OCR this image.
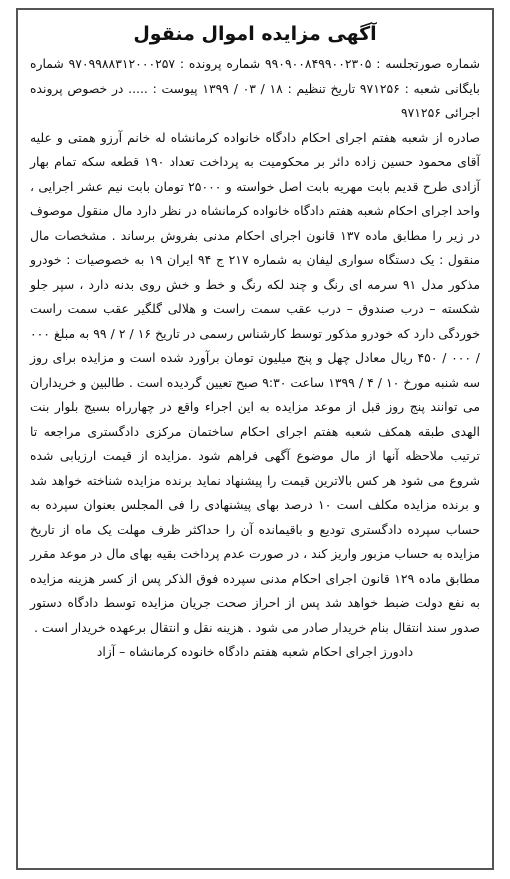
آگهی مزایده اموال منقول

شماره صورتجلسه : ۹۹۰۹۰۰۸۴۹۹۰۰۲۳۰۵ شماره پرونده : ۹۷۰۹۹۸۸۳۱۲۰۰۰۲۵۷ شماره بایگانی شعبه : ۹۷۱۲۵۶ تاریخ تنظیم : ۱۸ / ۰۳ / ۱۳۹۹ پیوست : ..... در خصوص پرونده اجرائی ۹۷۱۲۵۶

صادره از شعبه هفتم اجرای احکام دادگاه خانواده کرمانشاه له خانم آرزو همتی و علیه آقای محمود حسین زاده دائر بر محکومیت به پرداخت تعداد ۱۹۰ قطعه سکه تمام بهار آزادی طرح قدیم بابت مهریه بابت اصل خواسته و ۲۵۰۰۰ تومان بابت نیم عشر اجرایی ، واحد اجرای احکام شعبه هفتم دادگاه خانواده کرمانشاه در نظر دارد مال منقول موصوف در زیر را مطابق ماده ۱۳۷ قانون اجرای احکام مدنی بفروش برساند . مشخصات مال منقول : یک دستگاه سواری لیفان به شماره ۲۱۷ ج ۹۴ ایران ۱۹ به خصوصیات : خودرو مذکور مدل ۹۱ سرمه ای رنگ و چند لکه رنگ و خط و خش روی بدنه دارد ، سپر جلو شکسته – درب صندوق – درب عقب سمت راست و هلالی گلگیر عقب سمت راست خوردگی دارد که خودرو مذکور توسط کارشناس رسمی در تاریخ ۱۶ / ۲ / ۹۹ به مبلغ ۰۰۰ / ۰۰۰ / ۴۵۰ ریال معادل چهل و پنج میلیون تومان برآورد شده است و مزایده برای روز سه شنبه مورخ ۱۰ / ۴ / ۱۳۹۹ ساعت ۹:۳۰ صبح تعیین گردیده است . طالبین و خریداران می توانند پنج روز قبل از موعد مزایده به این اجراء واقع در چهارراه بسیج بلوار بنت الهدی طبقه همکف شعبه هفتم اجرای احکام ساختمان مرکزی دادگستری مراجعه تا ترتیب ملاحظه آنها از مال موضوع آگهی فراهم شود .مزایده از قیمت ارزیابی شده شروع می شود هر کس بالاترین قیمت را پیشنهاد نماید برنده مزایده شناخته خواهد شد و برنده مزایده مکلف است ۱۰ درصد بهای پیشنهادی را فی المجلس بعنوان سپرده به حساب سپرده دادگستری تودیع و باقیمانده آن را حداکثر ظرف مهلت یک ماه از تاریخ مزایده به حساب مزبور واریز کند ، در صورت عدم پرداخت بقیه بهای مال در موعد مقرر مطابق ماده ۱۲۹ قانون اجرای احکام مدنی سپرده فوق الذکر پس از کسر هزینه مزایده به نفع دولت ضبط خواهد شد پس از احراز صحت جریان مزایده توسط دادگاه دستور صدور سند انتقال بنام خریدار صادر می شود . هزینه نقل و انتقال برعهده خریدار است .

دادورز اجرای احکام شعبه هفتم دادگاه خانوده کرمانشاه – آزاد
